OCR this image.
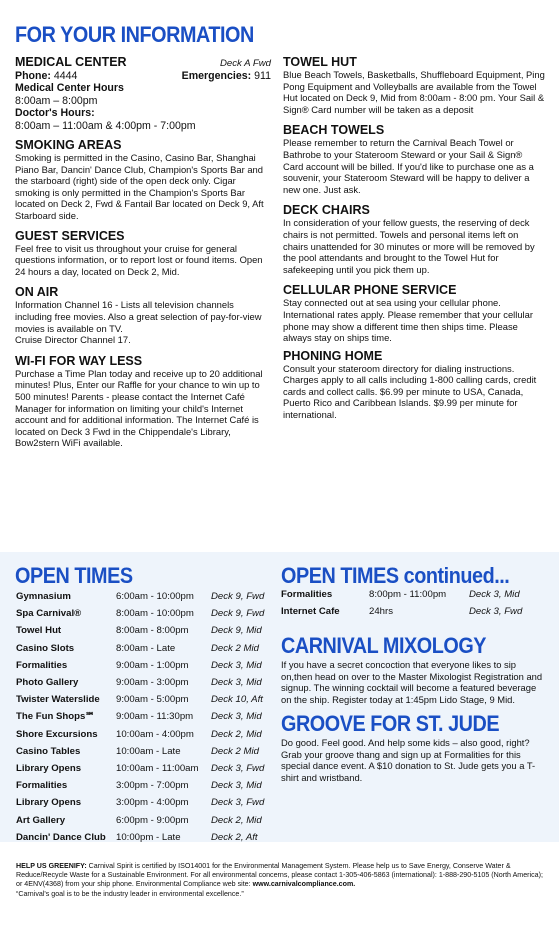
FOR YOUR INFORMATION
MEDICAL CENTER	Deck A Fwd
Phone: 4444	Emergencies: 911
Medical Center Hours
8:00am – 8:00pm
Doctor's Hours:
8:00am – 11:00am & 4:00pm - 7:00pm
SMOKING AREAS

Smoking is permitted in the Casino, Casino Bar, Shanghai Piano Bar, Dancin' Dance Club, Champion's Sports Bar and the starboard (right) side of the open deck only. Cigar smoking is only permitted in the Champion's Sports Bar located on Deck 2, Fwd & Fantail Bar located on Deck 9, Aft Starboard side.

GUEST SERVICES

Feel free to visit us throughout your cruise for general questions information, or to report lost or found items. Open 24 hours a day, located on Deck 2, Mid.

ON AIR

Information Channel 16 - Lists all television channels including free movies. Also a great selection of pay-for-view movies is available on TV.

Cruise Director Channel 17.

WI-FI FOR WAY LESS

Purchase a Time Plan today and receive up to 20 additional minutes! Plus, Enter our Raffle for your chance to win up to 500 minutes! Parents - please contact the Internet Café Manager for information on limiting your child's Internet account and for additional information. The Internet Café is located on Deck 3 Fwd in the Chippendale's Library, Bow2stern WiFi available.

TOWEL HUT

Blue Beach Towels, Basketballs, Shuffleboard Equipment, Ping Pong Equipment and Volleyballs are available from the Towel Hut located on Deck 9, Mid from 8:00am - 8:00 pm. Your Sail & Sign® Card number will be taken as a deposit

BEACH TOWELS

Please remember to return the Carnival Beach Towel or Bathrobe to your Stateroom Steward or your Sail & Sign® Card account will be billed. If you'd like to purchase one as a souvenir, your Stateroom Steward will be happy to deliver a new one. Just ask.

DECK CHAIRS

In consideration of your fellow guests, the reserving of deck chairs is not permitted. Towels and personal items left on chairs unattended for 30 minutes or more will be removed by the pool attendants and brought to the Towel Hut for safekeeping until you pick them up.

CELLULAR PHONE SERVICE

Stay connected out at sea using your cellular phone. International rates apply. Please remember that your cellular phone may show a different time then ships time. Please always stay on ships time.

PHONING HOME

Consult your stateroom directory for dialing instructions. Charges apply to all calls including 1-800 calling cards, credit cards and collect calls. $6.99 per minute to USA, Canada, Puerto Rico and Caribbean Islands. $9.99 per minute for international.

OPEN TIMES
Gymnasium	6:00am - 10:00pm	Deck 9, Fwd
Spa Carnival®	8:00am - 10:00pm	Deck 9, Fwd
Towel Hut	8:00am - 8:00pm	Deck 9, Mid
Casino Slots	8:00am - Late	Deck 2 Mid
Formalities	9:00am - 1:00pm	Deck 3, Mid
Photo Gallery	9:00am - 3:00pm	Deck 3, Mid
Twister Waterslide	9:00am - 5:00pm	Deck 10, Aft
The Fun Shops℠	9:00am - 11:30pm	Deck 3, Mid
Shore Excursions	10:00am - 4:00pm	Deck 2, Mid
Casino Tables	10:00am - Late	Deck 2 Mid
Library Opens	10:00am - 11:00am	Deck 3, Fwd
Formalities	3:00pm - 7:00pm	Deck 3, Mid
Library Opens	3:00pm - 4:00pm	Deck 3, Fwd
Art Gallery	6:00pm - 9:00pm	Deck 2, Mid
Dancin' Dance Club	10:00pm - Late	Deck 2, Aft
OPEN TIMES continued...
Formalities	8:00pm - 11:00pm	Deck 3, Mid
Internet Cafe	24hrs	Deck 3, Fwd
CARNIVAL MIXOLOGY

If you have a secret concoction that everyone likes to sip on,then head on over to the Master Mixologist Registration and signup. The winning cocktail will become a featured beverage on the ship. Register today at 1:45pm Lido Stage, 9 Mid.

GROOVE FOR ST. JUDE

Do good. Feel good. And help some kids – also good, right? Grab your groove thang and sign up at Formalities for this special dance event. A $10 donation to St. Jude gets you a T-shirt and wristband.

HELP US GREENIFY: Carnival Spirit is certified by ISO14001 for the Environmental Management System. Please help us to Save Energy, Conserve Water & Reduce/Recycle Waste for a Sustainable Environment. For all environmental concerns, please contact 1-305-406-5863 (international): 1-888-290-5105 (North America); or 4ENV(4368) from your ship phone. Environmental Compliance web site: www.carnivalcompliance.com.
“Carnival's goal is to be the industry leader in environmental excellence.”
